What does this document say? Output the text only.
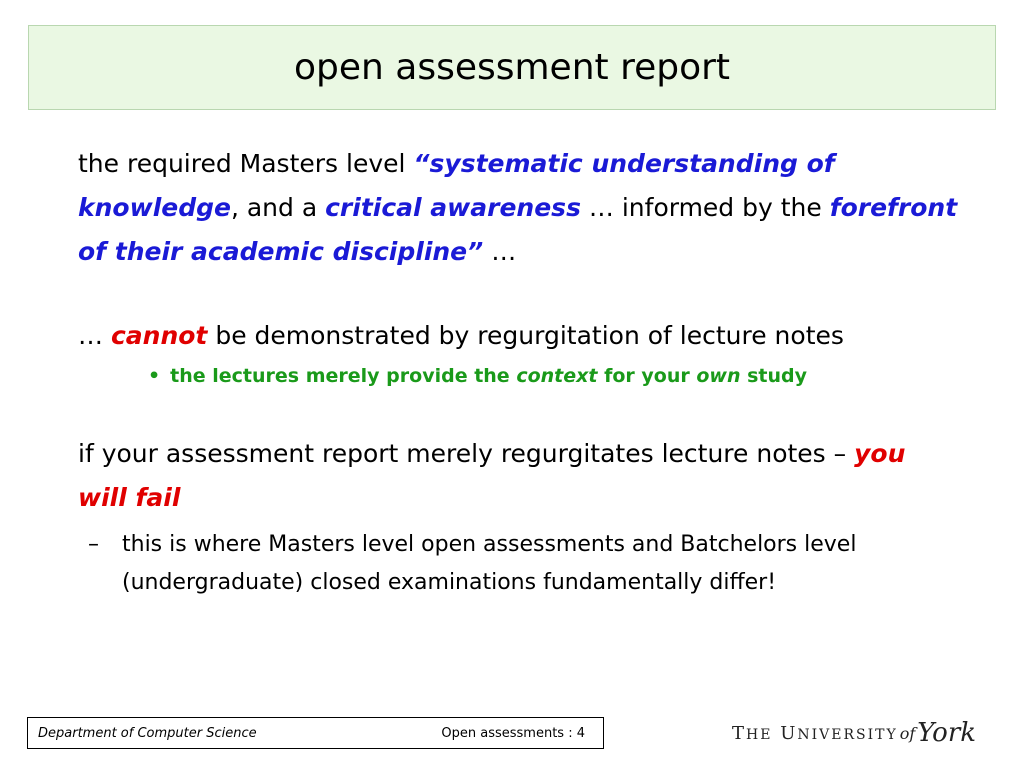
open assessment report

the required Masters level “systematic understanding of knowledge, and a critical awareness … informed by the forefront of their academic discipline” …

… cannot be demonstrated by regurgitation of lecture notes

• the lectures merely provide the context for your own study

if your assessment report merely regurgitates lecture notes – you will fail

– this is where Masters level open assessments and Batchelors level (undergraduate) closed examinations fundamentally differ!
Department of Computer Science	Open assessments : 4	THE
UNIVERSITY of York
